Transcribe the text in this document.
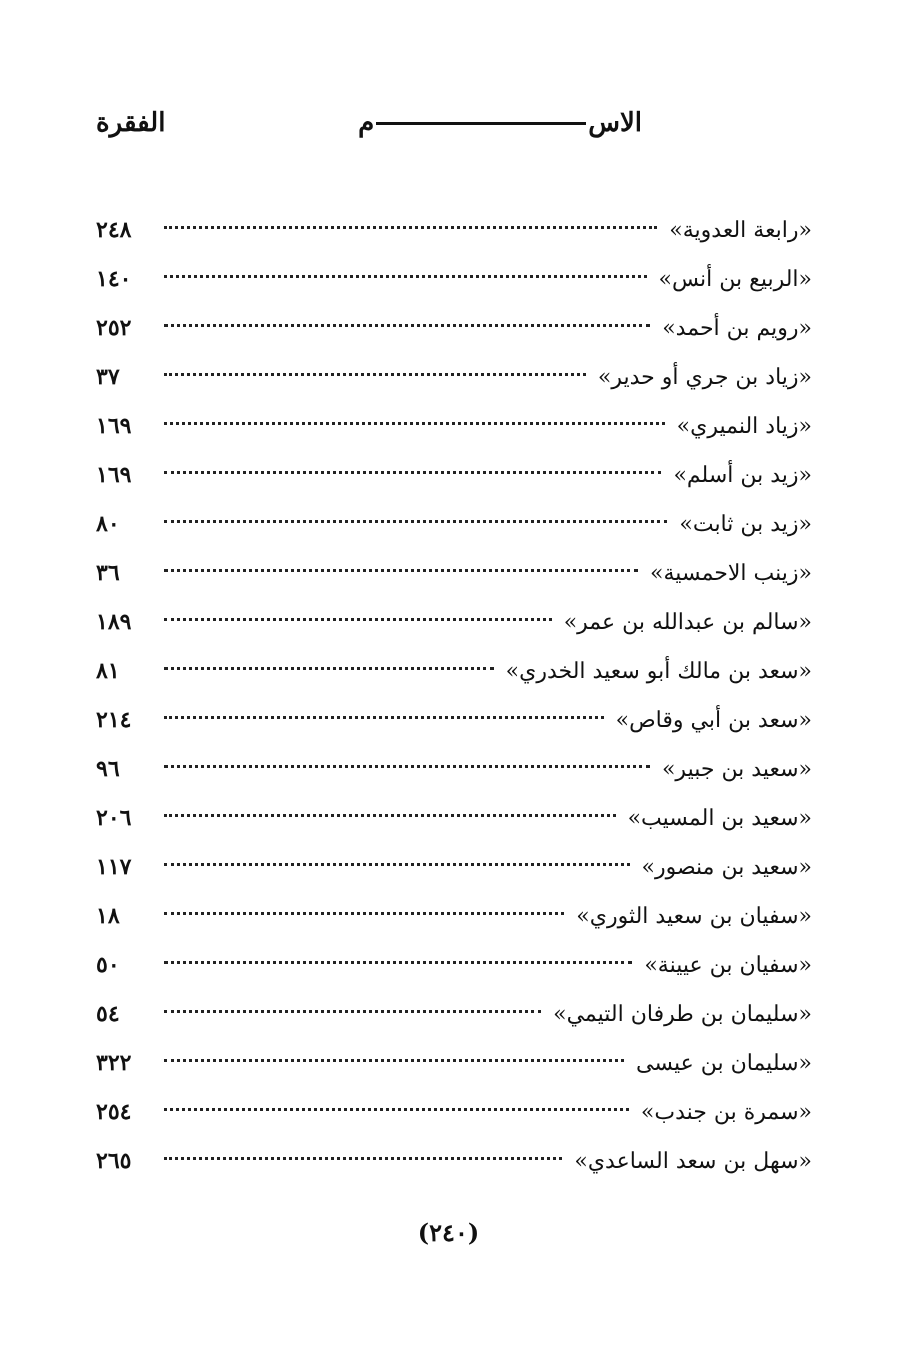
الاس
م
الفقرة
«رابعة العدوية»
٢٤٨
«الربيع بن أنس»
١٤٠
«رويم بن أحمد»
٢٥٢
«زياد بن جري أو حدير»
٣٧
«زياد النميري»
١٦٩
«زيد بن أسلم»
١٦٩
«زيد بن ثابت»
٨٠
«زينب الاحمسية»
٣٦
«سالم بن عبدالله بن عمر»
١٨٩
«سعد بن مالك أبو سعيد الخدري»
٨١
«سعد بن أبي وقاص»
٢١٤
«سعيد بن جبير»
٩٦
«سعيد بن المسيب»
٢٠٦
«سعيد بن منصور»
١١٧
«سفيان بن سعيد الثوري»
١٨
«سفيان بن عيينة»
٥٠
«سليمان بن طرفان التيمي»
٥٤
«سليمان بن عيسى
٣٢٢
«سمرة بن جندب»
٢٥٤
«سهل بن سعد الساعدي»
٢٦٥
(٢٤٠)
